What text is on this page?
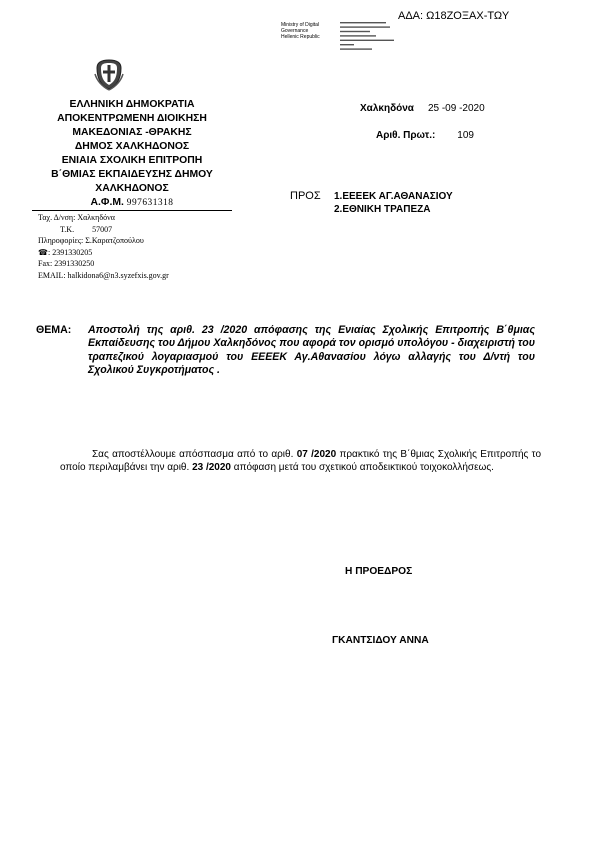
ΑΔΑ: Ω18ΖΟΞΑΧ-ΤΩΥ
Ministry of Digital
Governance
Hellenic Republic
ΕΛΛΗΝΙΚΗ ΔΗΜΟΚΡΑΤΙΑ
ΑΠΟΚΕΝΤΡΩΜΕΝΗ ΔΙΟΙΚΗΣΗ
ΜΑΚΕΔΟΝΙΑΣ -ΘΡΑΚΗΣ
ΔΗΜΟΣ ΧΑΛΚΗΔΟΝΟΣ
ΕΝΙΑΙΑ ΣΧΟΛΙΚΗ ΕΠΙΤΡΟΠΗ
Β΄ΘΜΙΑΣ ΕΚΠΑΙΔΕΥΣΗΣ ΔΗΜΟΥ
ΧΑΛΚΗΔΟΝΟΣ
Α.Φ.Μ. 997631318
Ταχ. Δ/νση: Χαλκηδόνα
Τ.Κ. 57007
Πληροφορίες: Σ.Καρατζοπούλου
☎: 2391330205
Fax: 2391330250
EMAIL: halkidona6@n3.syzefxis.gov.gr
Χαλκηδόνα 25 -09 -2020
Αριθ. Πρωτ.: 109
ΠΡΟΣ 1.ΕΕΕΕΚ ΑΓ.ΑΘΑΝΑΣΙΟΥ
2.ΕΘΝΙΚΗ ΤΡΑΠΕΖΑ
ΘΕΜΑ: Αποστολή της αριθ. 23 /2020 απόφασης της Ενιαίας Σχολικής Επιτροπής Β΄θμιας Εκπαίδευσης του Δήμου Χαλκηδόνος που αφορά τον ορισμό υπολόγου - διαχειριστή του τραπεζικού λογαριασμού του ΕΕΕΕΚ Αγ.Αθανασίου λόγω αλλαγής του Δ/ντή του Σχολικού Συγκροτήματος .
Σας αποστέλλουμε απόσπασμα από το αριθ. 07 /2020 πρακτικό της Β΄θμιας Σχολικής Επιτροπής το οποίο περιλαμβάνει την αριθ. 23 /2020 απόφαση μετά του σχετικού αποδεικτικού τοιχοκολλήσεως.
Η ΠΡΟΕΔΡΟΣ
ΓΚΑΝΤΣΙΔΟΥ ΑΝΝΑ
